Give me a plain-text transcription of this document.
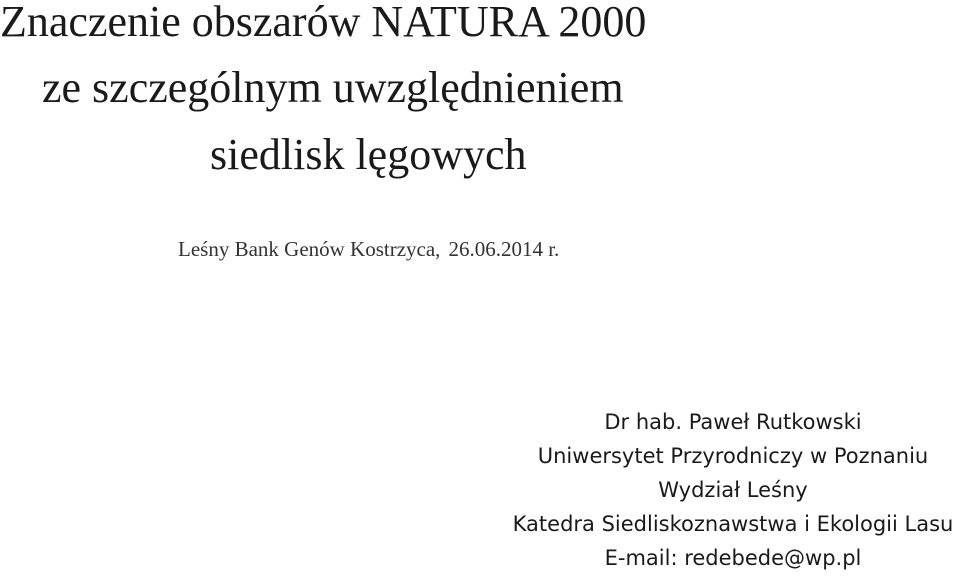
Znaczenie obszarów NATURA 2000
ze szczególnym uwzględnieniem
siedlisk lęgowych
Leśny Bank Genów Kostrzyca, 26.06.2014 r.
Dr hab. Paweł Rutkowski
Uniwersytet Przyrodniczy w Poznaniu
Wydział Leśny
Katedra Siedliskoznawstwa i Ekologii Lasu
E-mail: redebede@wp.pl
